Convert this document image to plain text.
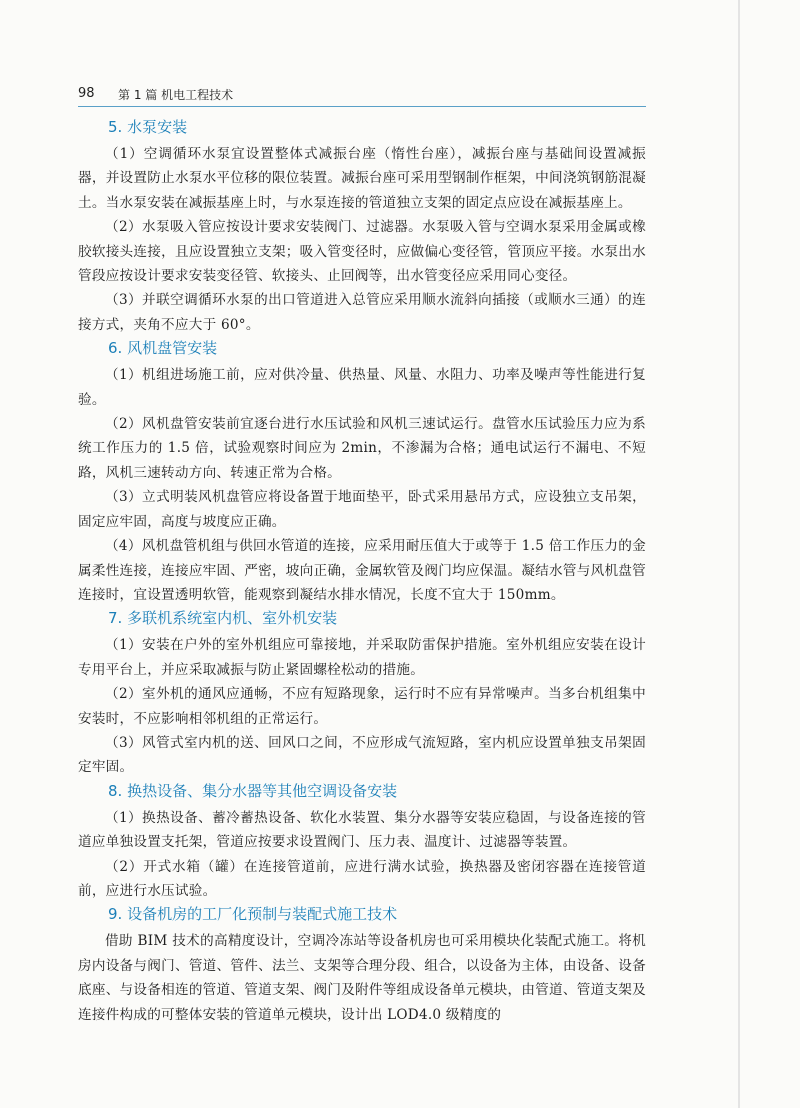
98 第 1 篇 机电工程技术
5. 水泵安装

（1）空调循环水泵宜设置整体式减振台座（惰性台座），减振台座与基础间设置减振器，并设置防止水泵水平位移的限位装置。减振台座可采用型钢制作框架，中间浇筑钢筋混凝土。当水泵安装在减振基座上时，与水泵连接的管道独立支架的固定点应设在减振基座上。

（2）水泵吸入管应按设计要求安装阀门、过滤器。水泵吸入管与空调水泵采用金属或橡胶软接头连接，且应设置独立支架；吸入管变径时，应做偏心变径管，管顶应平接。水泵出水管段应按设计要求安装变径管、软接头、止回阀等，出水管变径应采用同心变径。

（3）并联空调循环水泵的出口管道进入总管应采用顺水流斜向插接（或顺水三通）的连接方式，夹角不应大于 60°。

6. 风机盘管安装

（1）机组进场施工前，应对供冷量、供热量、风量、水阻力、功率及噪声等性能进行复验。

（2）风机盘管安装前宜逐台进行水压试验和风机三速试运行。盘管水压试验压力应为系统工作压力的 1.5 倍，试验观察时间应为 2min，不渗漏为合格；通电试运行不漏电、不短路，风机三速转动方向、转速正常为合格。

（3）立式明装风机盘管应将设备置于地面垫平，卧式采用悬吊方式，应设独立支吊架，固定应牢固，高度与坡度应正确。

（4）风机盘管机组与供回水管道的连接，应采用耐压值大于或等于 1.5 倍工作压力的金属柔性连接，连接应牢固、严密，坡向正确，金属软管及阀门均应保温。凝结水管与风机盘管连接时，宜设置透明软管，能观察到凝结水排水情况，长度不宜大于 150mm。

7. 多联机系统室内机、室外机安装

（1）安装在户外的室外机组应可靠接地，并采取防雷保护措施。室外机组应安装在设计专用平台上，并应采取减振与防止紧固螺栓松动的措施。

（2）室外机的通风应通畅，不应有短路现象，运行时不应有异常噪声。当多台机组集中安装时，不应影响相邻机组的正常运行。

（3）风管式室内机的送、回风口之间，不应形成气流短路，室内机应设置单独支吊架固定牢固。

8. 换热设备、集分水器等其他空调设备安装

（1）换热设备、蓄冷蓄热设备、软化水装置、集分水器等安装应稳固，与设备连接的管道应单独设置支托架，管道应按要求设置阀门、压力表、温度计、过滤器等装置。

（2）开式水箱（罐）在连接管道前，应进行满水试验，换热器及密闭容器在连接管道前，应进行水压试验。

9. 设备机房的工厂化预制与装配式施工技术

借助 BIM 技术的高精度设计，空调冷冻站等设备机房也可采用模块化装配式施工。将机房内设备与阀门、管道、管件、法兰、支架等合理分段、组合，以设备为主体，由设备、设备底座、与设备相连的管道、管道支架、阀门及附件等组成设备单元模块，由管道、管道支架及连接件构成的可整体安装的管道单元模块，设计出 LOD4.0 级精度的
